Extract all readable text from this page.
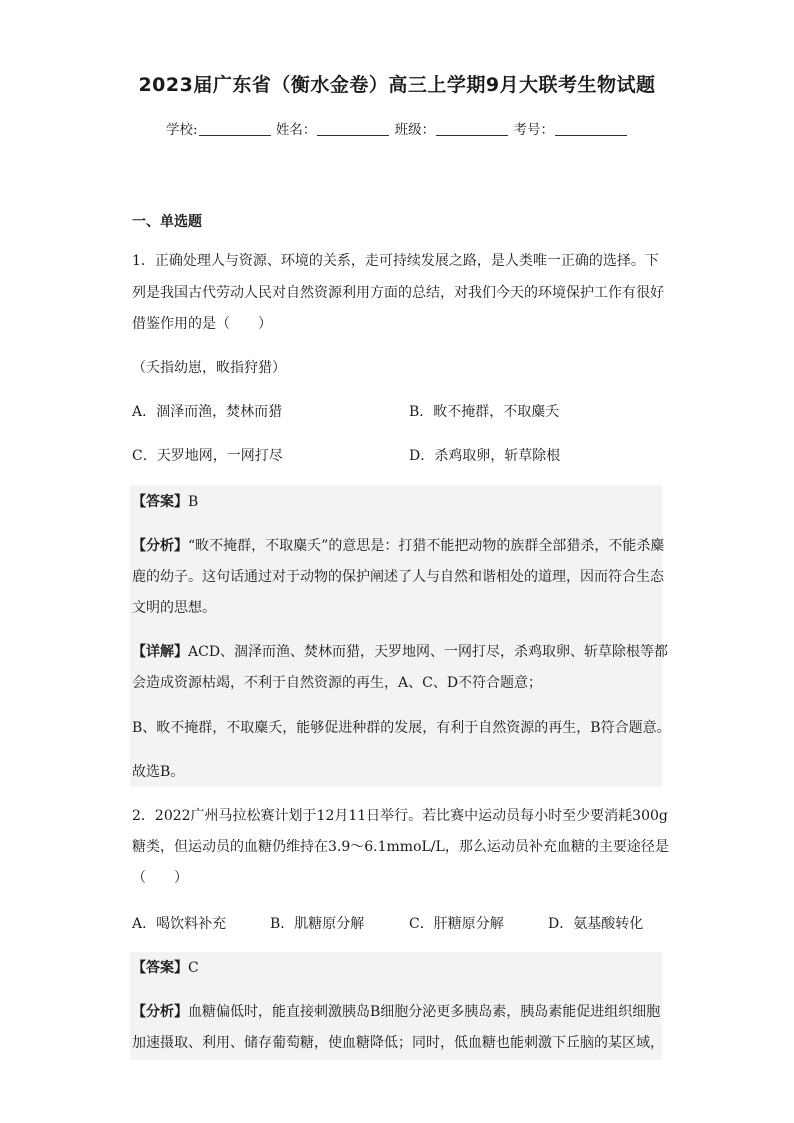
2023届广东省（衡水金卷）高三上学期9月大联考生物试题
学校:	姓名：	班级：	考号：
一、单选题

1．正确处理人与资源、环境的关系，走可持续发展之路，是人类唯一正确的选择。下

列是我国古代劳动人民对自然资源利用方面的总结，对我们今天的环境保护工作有很好

借鉴作用的是（　　）

（夭指幼崽，畋指狩猎）

A．涸泽而渔，焚林而猎	B．畋不掩群，不取麋夭
C．天罗地网，一网打尽	D．杀鸡取卵，斩草除根

【答案】B

【分析】“畋不掩群，不取麋夭”的意思是：打猎不能把动物的族群全部猎杀，不能杀麋

鹿的幼子。这句话通过对于动物的保护阐述了人与自然和谐相处的道理，因而符合生态

文明的思想。

【详解】ACD、涸泽而渔、焚林而猎，天罗地网、一网打尽，杀鸡取卵、斩草除根等都

会造成资源枯竭，不利于自然资源的再生，A、C、D不符合题意；

B、畋不掩群，不取麋夭，能够促进种群的发展，有利于自然资源的再生，B符合题意。

故选B。

2．2022广州马拉松赛计划于12月11日举行。若比赛中运动员每小时至少要消耗300g

糖类，但运动员的血糖仍维持在3.9～6.1mmoL/L，那么运动员补充血糖的主要途径是

（　　）

A．喝饮料补充	B．肌糖原分解	C．肝糖原分解	D．氨基酸转化

【答案】C

【分析】血糖偏低时，能直接刺激胰岛B细胞分泌更多胰岛素，胰岛素能促进组织细胞

加速摄取、利用、储存葡萄糖，使血糖降低；同时，低血糖也能刺激下丘脑的某区域，
